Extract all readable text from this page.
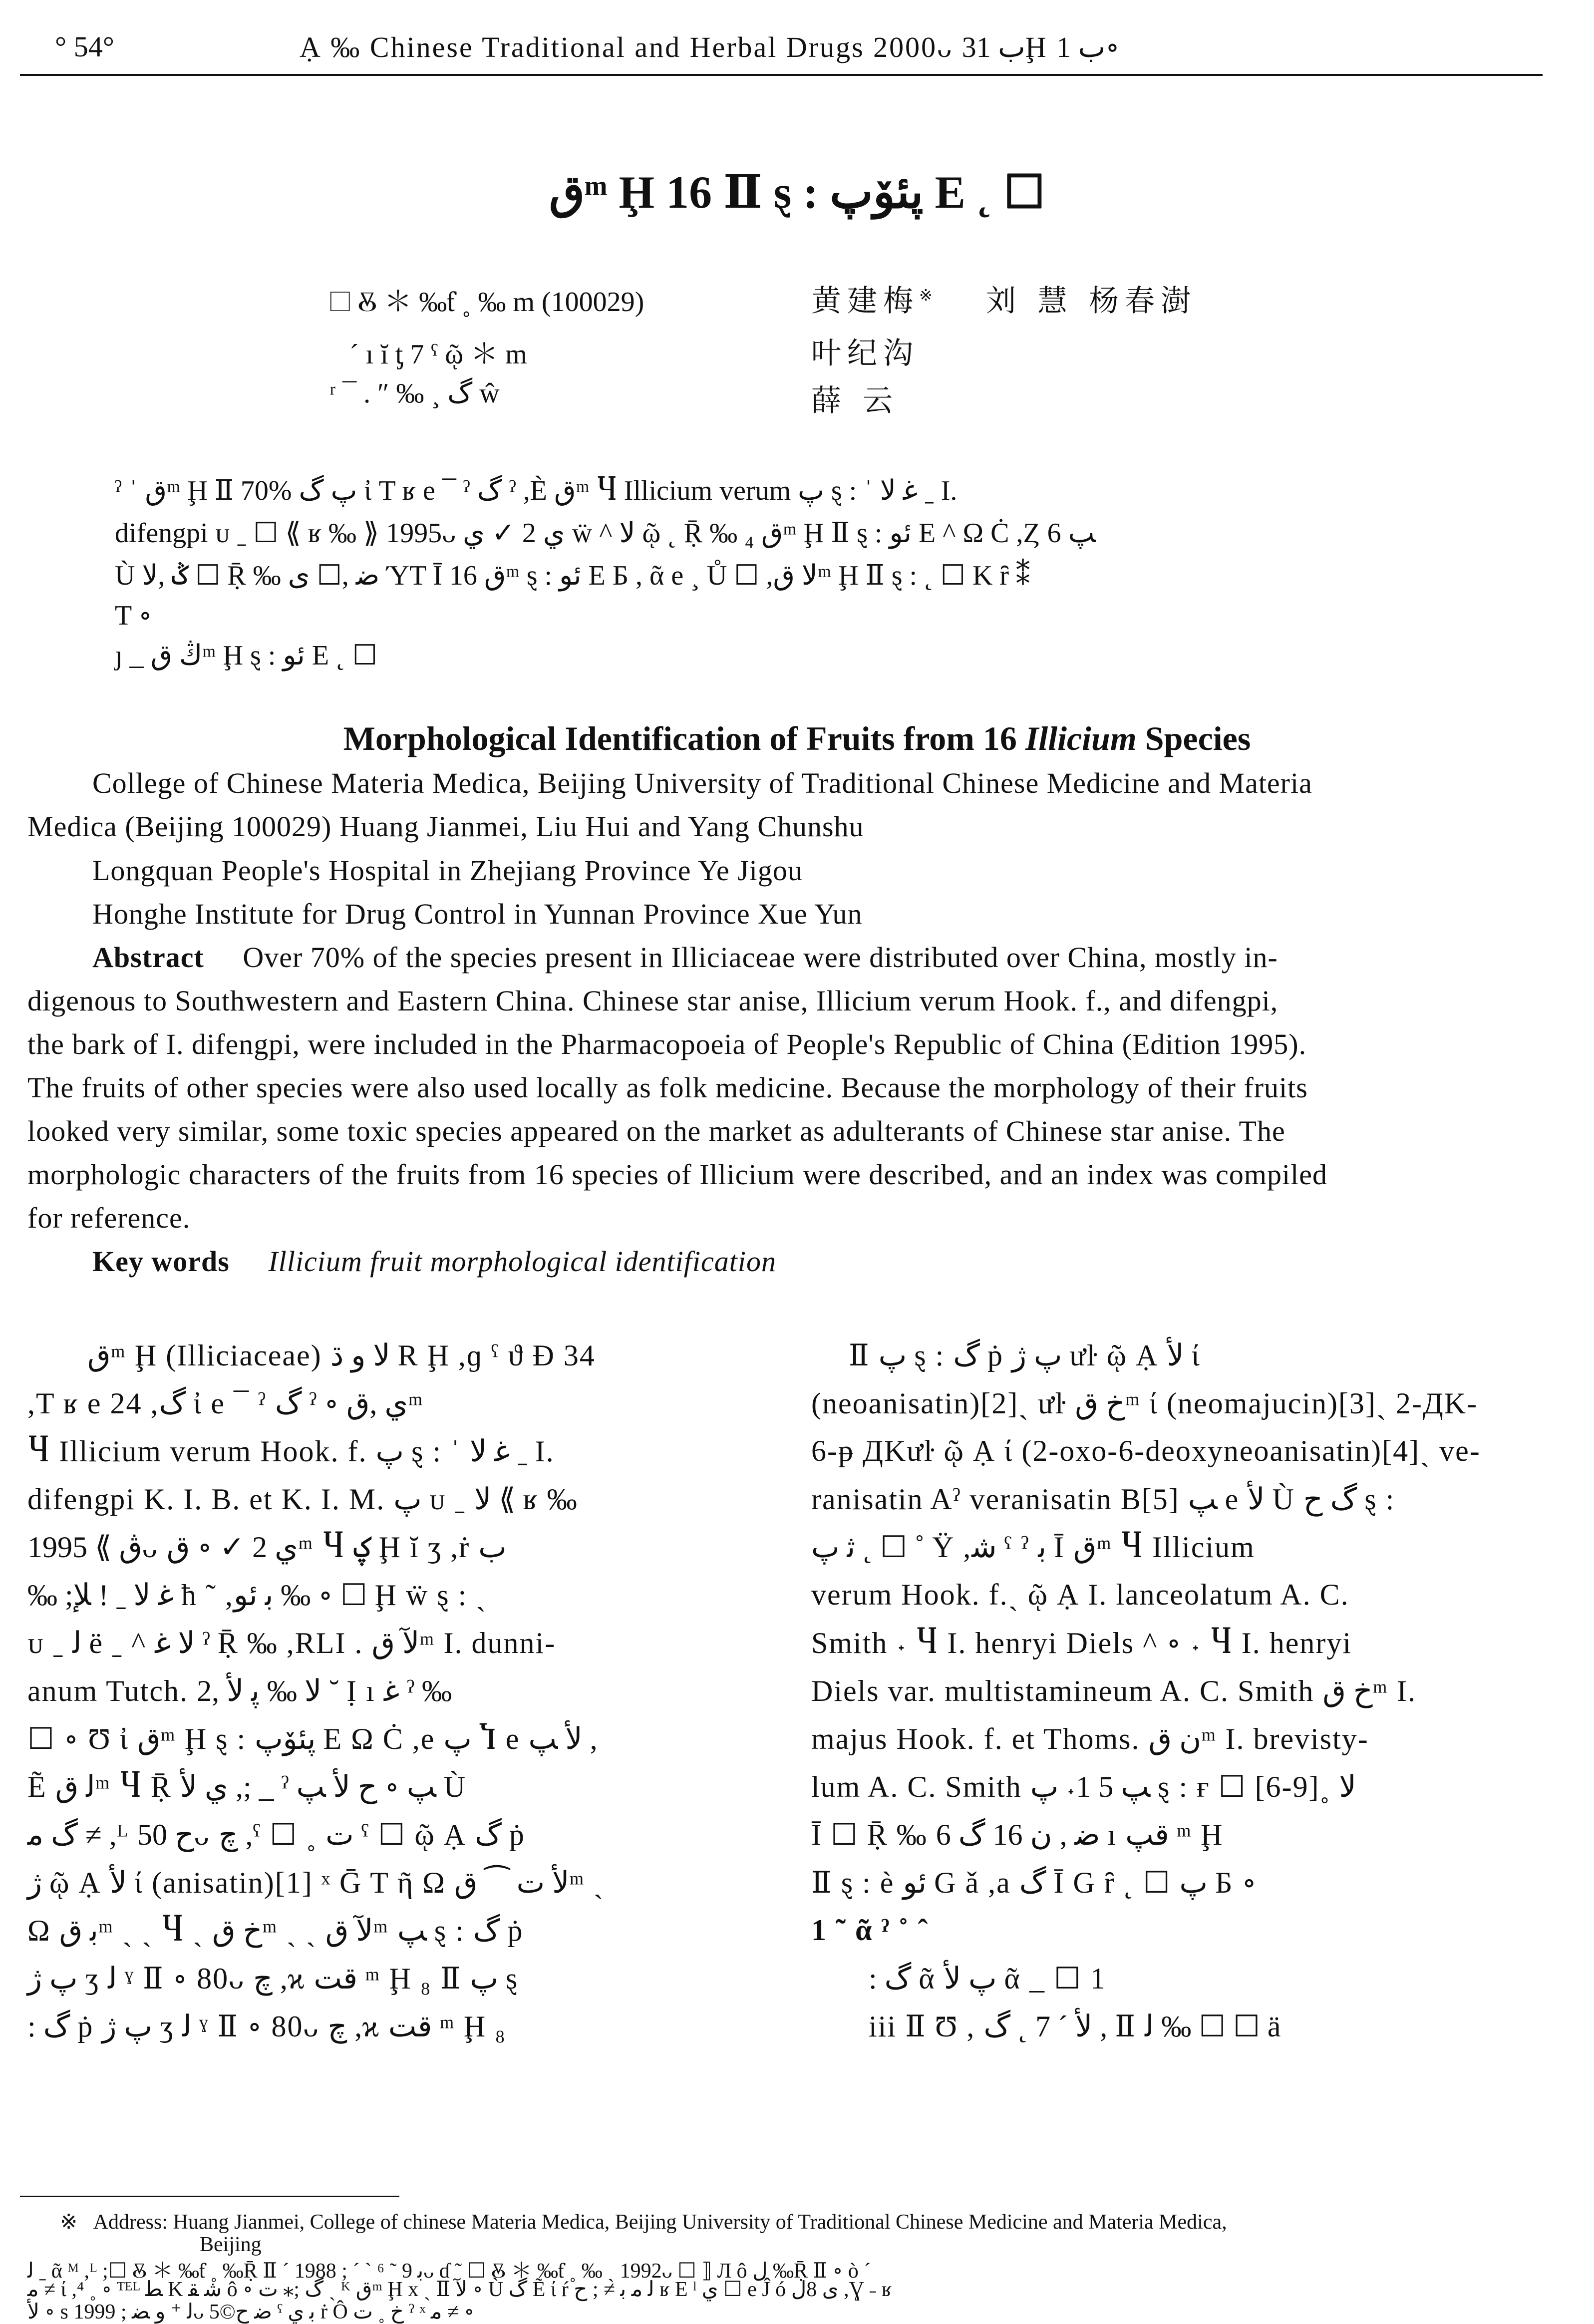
° 54°	Ạ ‰ Chinese Traditional and Herbal Drugs 2000ᴗ ب 31Ḩ ب 1∘
قᵐ Ḩ 16 Ⅱ ȿ : پئۆپ E ˛ ☐
☐ Ⰻ ＊ ‰ƭ ˳ ‰ m (100029)
´ ı ĭ ƫ 7 ˤ ῷ ＊ m
ʳ ¯ . ″ ‰ ¸ گ ŵ
黄建梅※ 刘 慧 杨春澍
叶纪沟
薛 云
ˀ ˈ قᵐ Ḩ Ⅱ 70% پ گ ἰ T ʁ e ¯ ˀ گ ˀ ,È قᵐ Ⴗ Illicium verum پ ȿ : ˈ ﻏ ﻻ ˍ I.
difengpi ᴜ ˍ ☐ ⟪ ʁ ‰ ⟫ 1995ᴗ ي 2 ✓ ي ẅ ^ ﻻ ῷ ˛ Ṝ ‰ ₄ قᵐ Ḩ Ⅱ ȿ : ئو E ^ Ω Ċ ,Ȥ 6 ﭗ
Ù ݣ ,ﻻ ☐ Ṝ ‰ ﺿ ,☐ ى ΎT Ī 16 قᵐ ȿ : ئو E Б , ᾶ e ¸ Ů ☐ ,ﻻ قᵐ Ḩ Ⅱ ȿ : ˛ ☐ K ȓ ⁑
T ∘
ȷ _ ڭ قᵐ Ḩ ȿ : ئو E ˛ ☐
Morphological Identification of Fruits from 16 Illicium Species
College of Chinese Materia Medica, Beijing University of Traditional Chinese Medicine and Materia
Medica (Beijing 100029) Huang Jianmei, Liu Hui and Yang Chunshu
Longquan People's Hospital in Zhejiang Province Ye Jigou
Honghe Institute for Drug Control in Yunnan Province Xue Yun
Abstract Over 70% of the species present in Illiciaceae were distributed over China, mostly in-
digenous to Southwestern and Eastern China. Chinese star anise, Illicium verum Hook. f., and difengpi,
the bark of I. difengpi, were included in the Pharmacopoeia of People's Republic of China (Edition 1995).
The fruits of other species were also used locally as folk medicine. Because the morphology of their fruits
looked very similar, some toxic species appeared on the market as adulterants of Chinese star anise. The
morphologic characters of the fruits from 16 species of Illicium were described, and an index was compiled
for reference.
Key words Illicium fruit morphological identification
قᵐ Ḩ (Illiciaceae) ﻻ ﻭ ڌ R Ḩ ,ɡ ˁ ϑ Ð 34
,T ʁ e 24 ,گ ἰ e ¯ ˀ گ ˀ ∘ ي ,قᵐ
Ⴗ Illicium verum Hook. f. پ ȿ : ˈ ﻏ ﻻ ˍ I.
difengpi K. I. B. et K. I. M. پ ᴜ ˍ ﻻ ⟪ ʁ ‰
ڨ ⟫ 1995ᴗ ي 2 ✓ ∘ قᵐ Ⴗ ؼ Ḩ ĭ ʒ ,ṙ ب
‰ ;ﻏ ﻻ ˍ ! ﻺ ħ ˜ ,ﺑ ئو ‰ ∘ ☐ Ḩ ẅ ȿ : ˎ
ᴜ ˍ ﻟ ë ˍ ^ ﻻ ﻏ ˀ Ṝ ‰ ,RLI . ﻵ قᵐ I. dunni-
anum Tutch. ﻻ ‰ ﭘ ﻷ ,2 ˘ Ị ı ﻏ ˀ ‰
☐ ∘ Ʊ ἰ قᵐ Ḩ ȿ : پئۆپ E Ω Ċ ,e پ Ⴈ e ﻷ ﭗ ,
Ẽ ﻟ قᵐ Ⴗ Ṝ ي ﻷ ,; _ ˀ ﭗ ∘ ﺡ ﻷ ﭗ Ù
گ ﻣ ≠ ,ᴸ ﺡ 50ᴗ چ ,ˤ ☐ ˳ ت ˤ ☐ ῷ Ạ گ ṗ
ژ ῷ Ạ ﻷ ί (anisatin)[1] ˣ Ḡ T ῆ Ω ﻷ ت ⁀ قᵐ ˎ
Ω ﺑ قᵐ ˏ ˏ Ⴗ ˎ خ قᵐ ˏ ˏ ﻵ قᵐ ﭗ ȿ : گ ṗ
پ ژ ʒ ﻟ ˠ Ⅱ ∘ 80ᴗ چ ,ϰ قت ᵐ Ḩ ₈ Ⅱ پ ȿ
: گ ṗ پ ژ ʒ ﻟ ˠ Ⅱ ∘ 80ᴗ چ ,ϰ قت ᵐ Ḩ ₈
Ⅱ پ ȿ : گ ṗ پ ژ ưŀ ῷ Ạ ﻷ ί
(neoanisatin)[2]ˎ ưŀ خ قᵐ ί (neomajucin)[3]ˎ 2-ДK-
6-ᵽ ДKưŀ ῷ Ạ ί (2-oxo-6-deoxyneoanisatin)[4]ˎ ve-
ranisatin Aˀ veranisatin B[5] ﭗ e ﻷ Ù گ ﺡ ȿ :
ﺛ پ ˛ ☐ ˚ Ÿ ,ﺷ ˤ ˀ ﺑ Ī قᵐ Ⴗ Illicium
verum Hook. f.ˎ ῷ Ạ I. lanceolatum A. C.
Smith ˖ Ⴗ I. henryi Diels ^ ∘ ˖ Ⴗ I. henryi
Diels var. multistamineum A. C. Smith خ قᵐ I.
majus Hook. f. et Thoms. ن قᵐ I. brevisty-
lum A. C. Smith ﭗ 5 1˖ پ ȿ : ғ ☐ [6-9]˳ ﻻ
Ī ☐ Ṝ ‰ ﺿ , ن 16 گ 6 ı قپ ᵐ Ḩ
Ⅱ ȿ : è ئو G ǎ ,a گ Ī G ȓ ˛ ☐ پ Б ∘
1 ˜ ᾶ ˀ ˚ ˆ
: گ ᾶ پ ﻷ ᾶ _ ☐ 1
iii Ⅱ Ʊ , ﻷ ´ 7 ˛ گ , Ⅱ ﻟ ‰ ☐ ☐ ä
※ Address: Huang Jianmei, College of chinese Materia Medica, Beijing University of Traditional Chinese Medicine and Materia Medica,
Beijing
ﻟ ˍ ᾶ ᴹ ,ᴸ ;☐ Ⰻ ＊ ‰ƭ ˳ ‰Ṝ Ⅱ ´ ﺑ 9 ˜ ⁶ ` ˊ ; 1988ᴗ ɗ ˜ ☐ Ⰻ ＊ ‰ƭ ˳ ‰ ˏ 1992ᴗ ☐ ⟧ Л ô ﻝ ‰Ṝ Ⅱ ∘ ò ˊ
ﻣ ≠ ί ,⁴ ˳ ∘ ᵀᴱᴸ ﻄ K ﺷ ﻘ ô ∘ گ ;⁎ ت ˏ ᴷ قᵐ Ḩ x ˏ Ⅱ ﻵ ∘ Ù گ Ẽ ί ŕ ﻟ ﻣ ﺑ ≠ ; ﺡ ʁ E ˡ ي ☐ e Ĵ ó ى 8ﻝ ,Ɣ ˗ ʁ
ﻷ ∘ s ﻟ ⁺ ﻭ ﻀ ; 1999ᴗ 5©ﺿ ﺡ ˤ ﺑ ي ṙ Ô خ ˳ ت ˀ ˣ ﻣ ≠ ∘
